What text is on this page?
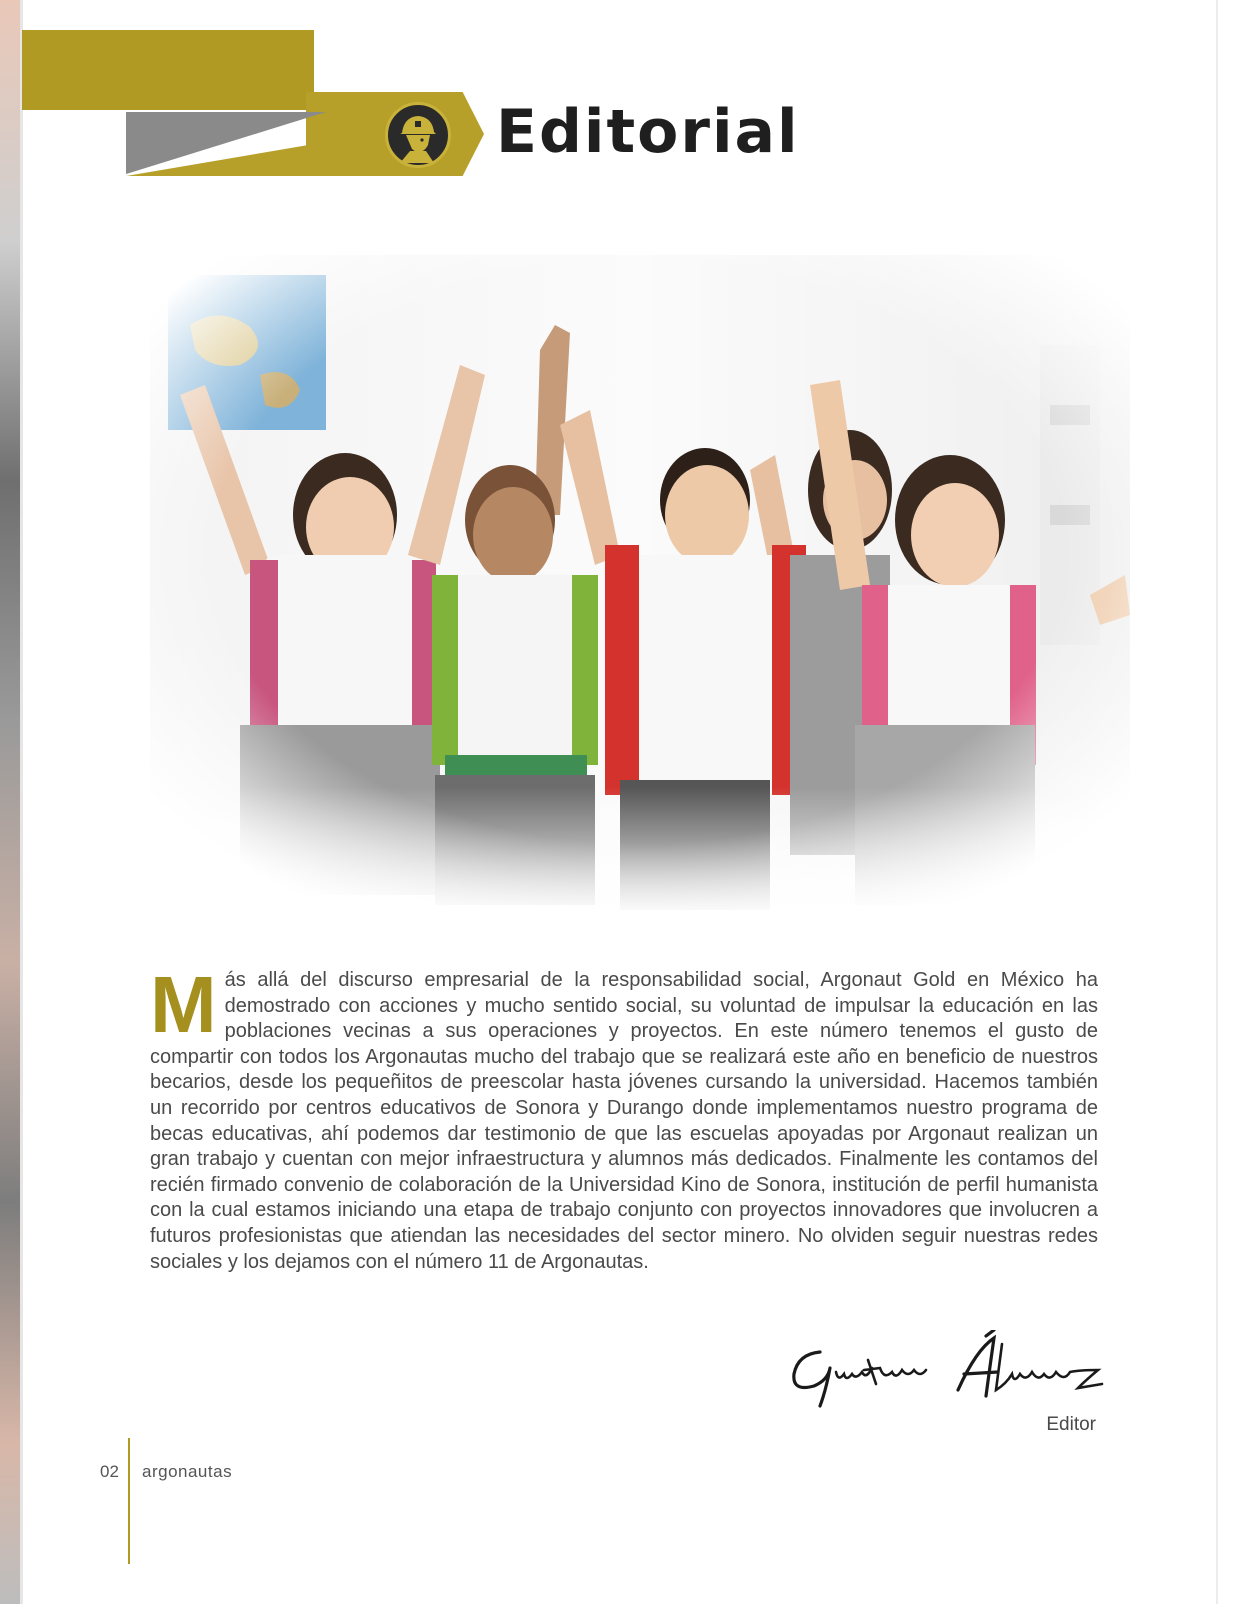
Editorial

Más allá del discurso empresarial de la responsabilidad social, Argonaut Gold en México ha demostrado con acciones y mucho sentido social, su voluntad de impulsar la educación en las poblaciones vecinas a sus operaciones y proyectos. En este número tenemos el gusto de compartir con todos los Argonautas mucho del trabajo que se realizará este año en beneficio de nuestros becarios, desde los pequeñitos de preescolar hasta jóvenes cursando la universidad. Hacemos también un recorrido por centros educativos de Sonora y Durango donde implementamos nuestro programa de becas educativas, ahí podemos dar testimonio de que las escuelas apoyadas por Argonaut realizan un gran trabajo y cuentan con mejor infraestructura y alumnos más dedicados. Finalmente les contamos del recién firmado convenio de colaboración de la Universidad Kino de Sonora, institución de perfil humanista con la cual estamos iniciando una etapa de trabajo conjunto con proyectos innovadores que involucren a futuros profesionistas que atiendan las necesidades del sector minero. No olviden seguir nuestras redes sociales y los dejamos con el número 11 de Argonautas.

Editor

02 argonautas
